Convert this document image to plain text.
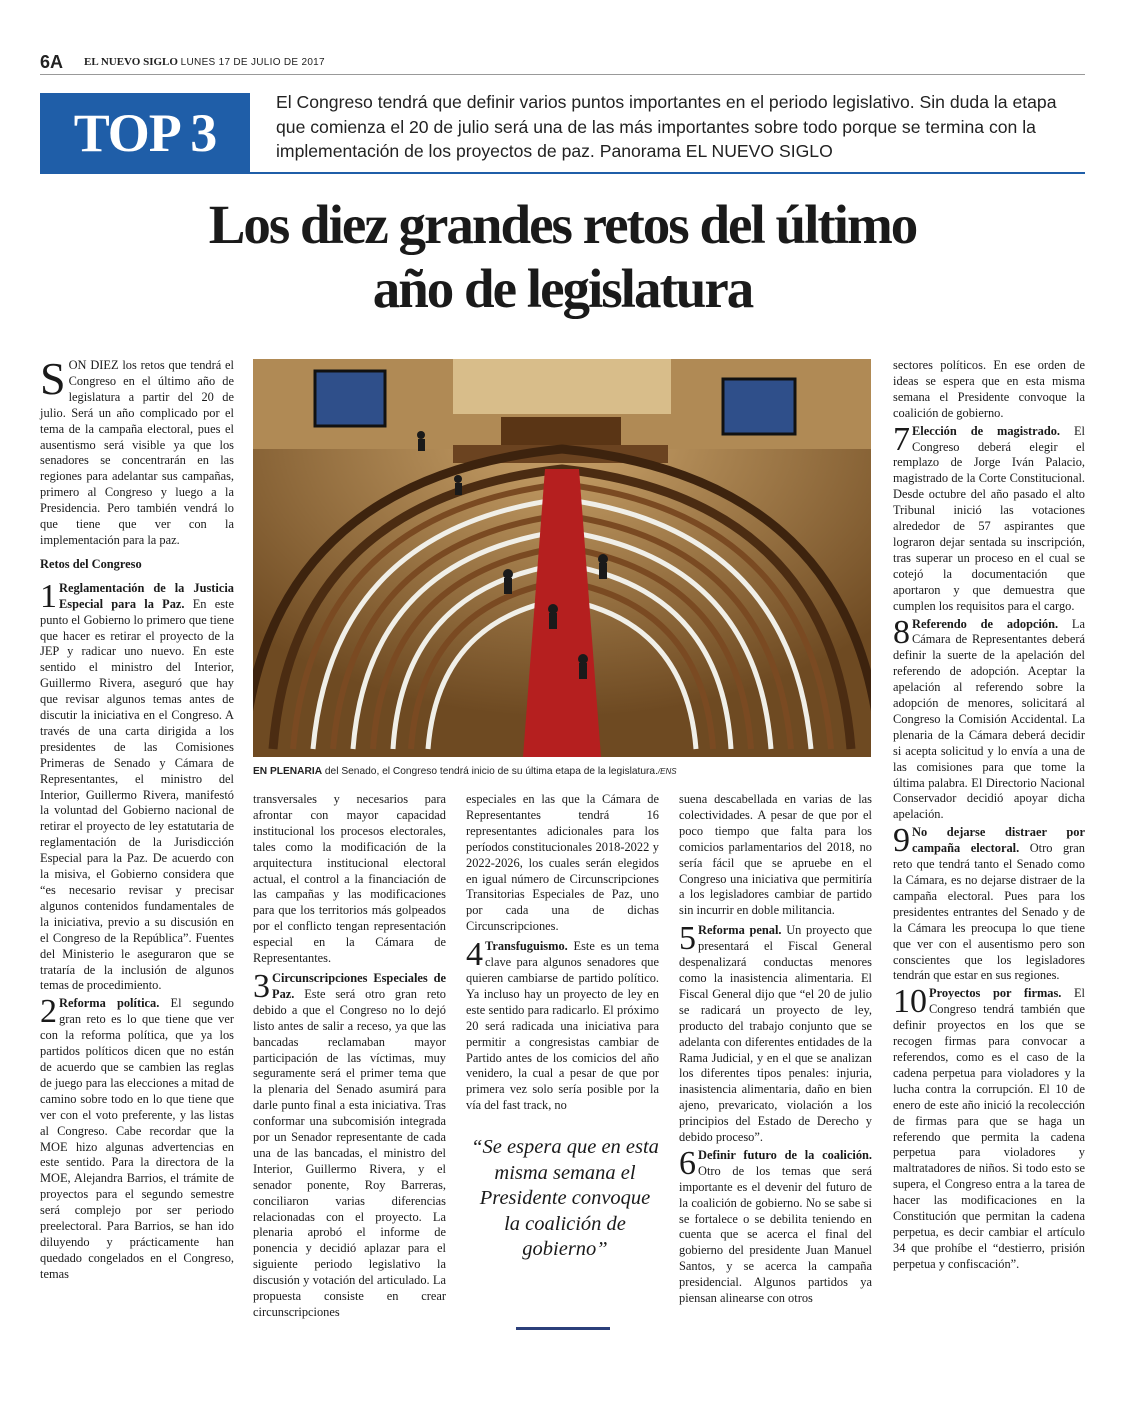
6A EL NUEVO SIGLO LUNES 17 DE JULIO DE 2017
TOP 3
El Congreso tendrá que definir varios puntos importantes en el periodo legislativo. Sin duda la etapa que comienza el 20 de julio será una de las más importantes sobre todo porque se termina con la implementación de los proyectos de paz. Panorama EL NUEVO SIGLO
Los diez grandes retos del último
año de legislatura

SON DIEZ los retos que tendrá el Congreso en el último año de legislatura a partir del 20 de julio. Será un año complicado por el tema de la campaña electoral, pues el ausentismo será visible ya que los senadores se concentrarán en las regiones para adelantar sus campañas, primero al Congreso y luego a la Presidencia. Pero también vendrá lo que tiene que ver con la implementación para la paz.

Retos del Congreso

1 Reglamentación de la Justicia Especial para la Paz. En este punto el Gobierno lo primero que tiene que hacer es retirar el proyecto de la JEP y radicar uno nuevo. En este sentido el ministro del Interior, Guillermo Rivera, aseguró que hay que revisar algunos temas antes de discutir la iniciativa en el Congreso. A través de una carta dirigida a los presidentes de las Comisiones Primeras de Senado y Cámara de Representantes, el ministro del Interior, Guillermo Rivera, manifestó la voluntad del Gobierno nacional de retirar el proyecto de ley estatutaria de reglamentación de la Jurisdicción Especial para la Paz. De acuerdo con la misiva, el Gobierno considera que “es necesario revisar y precisar algunos contenidos fundamentales de la iniciativa, previo a su discusión en el Congreso de la República”. Fuentes del Ministerio le aseguraron que se trataría de la inclusión de algunos temas de procedimiento.

2 Reforma política. El segundo gran reto es lo que tiene que ver con la reforma política, que ya los partidos políticos dicen que no están de acuerdo que se cambien las reglas de juego para las elecciones a mitad de camino sobre todo en lo que tiene que ver con el voto preferente, y las listas al Congreso. Cabe recordar que la MOE hizo algunas advertencias en este sentido. Para la directora de la MOE, Alejandra Barrios, el trámite de proyectos para el segundo semestre será complejo por ser periodo preelectoral. Para Barrios, se han ido diluyendo y prácticamente han quedado congelados en el Congreso, temas

EN PLENARIA del Senado, el Congreso tendrá inicio de su última etapa de la legislatura./ENS

transversales y necesarios para afrontar con mayor capacidad institucional los procesos electorales, tales como la modificación de la arquitectura institucional electoral actual, el control a la financiación de las campañas y las modificaciones para que los territorios más golpeados por el conflicto tengan representación especial en la Cámara de Representantes.

3 Circunscripciones Especiales de Paz. Este será otro gran reto debido a que el Congreso no lo dejó listo antes de salir a receso, ya que las bancadas reclamaban mayor participación de las víctimas, muy seguramente será el primer tema que la plenaria del Senado asumirá para darle punto final a esta iniciativa. Tras conformar una subcomisión integrada por un Senador representante de cada una de las bancadas, el ministro del Interior, Guillermo Rivera, y el senador ponente, Roy Barreras, conciliaron varias diferencias relacionadas con el proyecto. La plenaria aprobó el informe de ponencia y decidió aplazar para el siguiente periodo legislativo la discusión y votación del articulado. La propuesta consiste en crear circunscripciones

especiales en las que la Cámara de Representantes tendrá 16 representantes adicionales para los períodos constitucionales 2018-2022 y 2022-2026, los cuales serán elegidos en igual número de Circunscripciones Transitorias Especiales de Paz, uno por cada una de dichas Circunscripciones.

4 Transfuguismo. Este es un tema clave para algunos senadores que quieren cambiarse de partido político. Ya incluso hay un proyecto de ley en este sentido para radicarlo. El próximo 20 será radicada una iniciativa para permitir a congresistas cambiar de Partido antes de los comicios del año venidero, la cual a pesar de que por primera vez solo sería posible por la vía del fast track, no

“Se espera que en esta misma semana el Presidente convoque la coalición de gobierno”

suena descabellada en varias de las colectividades. A pesar de que por el poco tiempo que falta para los comicios parlamentarios del 2018, no sería fácil que se apruebe en el Congreso una iniciativa que permitiría a los legisladores cambiar de partido sin incurrir en doble militancia.

5 Reforma penal. Un proyecto que presentará el Fiscal General despenalizará conductas menores como la inasistencia alimentaria. El Fiscal General dijo que “el 20 de julio se radicará un proyecto de ley, producto del trabajo conjunto que se adelanta con diferentes entidades de la Rama Judicial, y en el que se analizan los diferentes tipos penales: injuria, inasistencia alimentaria, daño en bien ajeno, prevaricato, violación a los principios del Estado de Derecho y debido proceso”.

6 Definir futuro de la coalición. Otro de los temas que será importante es el devenir del futuro de la coalición de gobierno. No se sabe si se fortalece o se debilita teniendo en cuenta que se acerca el final del gobierno del presidente Juan Manuel Santos, y se acerca la campaña presidencial. Algunos partidos ya piensan alinearse con otros

sectores políticos. En ese orden de ideas se espera que en esta misma semana el Presidente convoque la coalición de gobierno.

7 Elección de magistrado. El Congreso deberá elegir el remplazo de Jorge Iván Palacio, magistrado de la Corte Constitucional. Desde octubre del año pasado el alto Tribunal inició las votaciones alrededor de 57 aspirantes que lograron dejar sentada su inscripción, tras superar un proceso en el cual se cotejó la documentación que aportaron y que demuestra que cumplen los requisitos para el cargo.

8 Referendo de adopción. La Cámara de Representantes deberá definir la suerte de la apelación del referendo de adopción. Aceptar la apelación al referendo sobre la adopción de menores, solicitará al Congreso la Comisión Accidental. La plenaria de la Cámara deberá decidir si acepta solicitud y lo envía a una de las comisiones para que tome la última palabra. El Directorio Nacional Conservador decidió apoyar dicha apelación.

9 No dejarse distraer por campaña electoral. Otro gran reto que tendrá tanto el Senado como la Cámara, es no dejarse distraer de la campaña electoral. Pues para los presidentes entrantes del Senado y de la Cámara les preocupa lo que tiene que ver con el ausentismo pero son conscientes que los legisladores tendrán que estar en sus regiones.

10 Proyectos por firmas. El Congreso tendrá también que definir proyectos en los que se recogen firmas para convocar a referendos, como es el caso de la cadena perpetua para violadores y la lucha contra la corrupción. El 10 de enero de este año inició la recolección de firmas para que se haga un referendo que permita la cadena perpetua para violadores y maltratadores de niños. Si todo esto se supera, el Congreso entra a la tarea de hacer las modificaciones en la Constitución que permitan la cadena perpetua, es decir cambiar el artículo 34 que prohíbe el “destierro, prisión perpetua y confiscación”.
